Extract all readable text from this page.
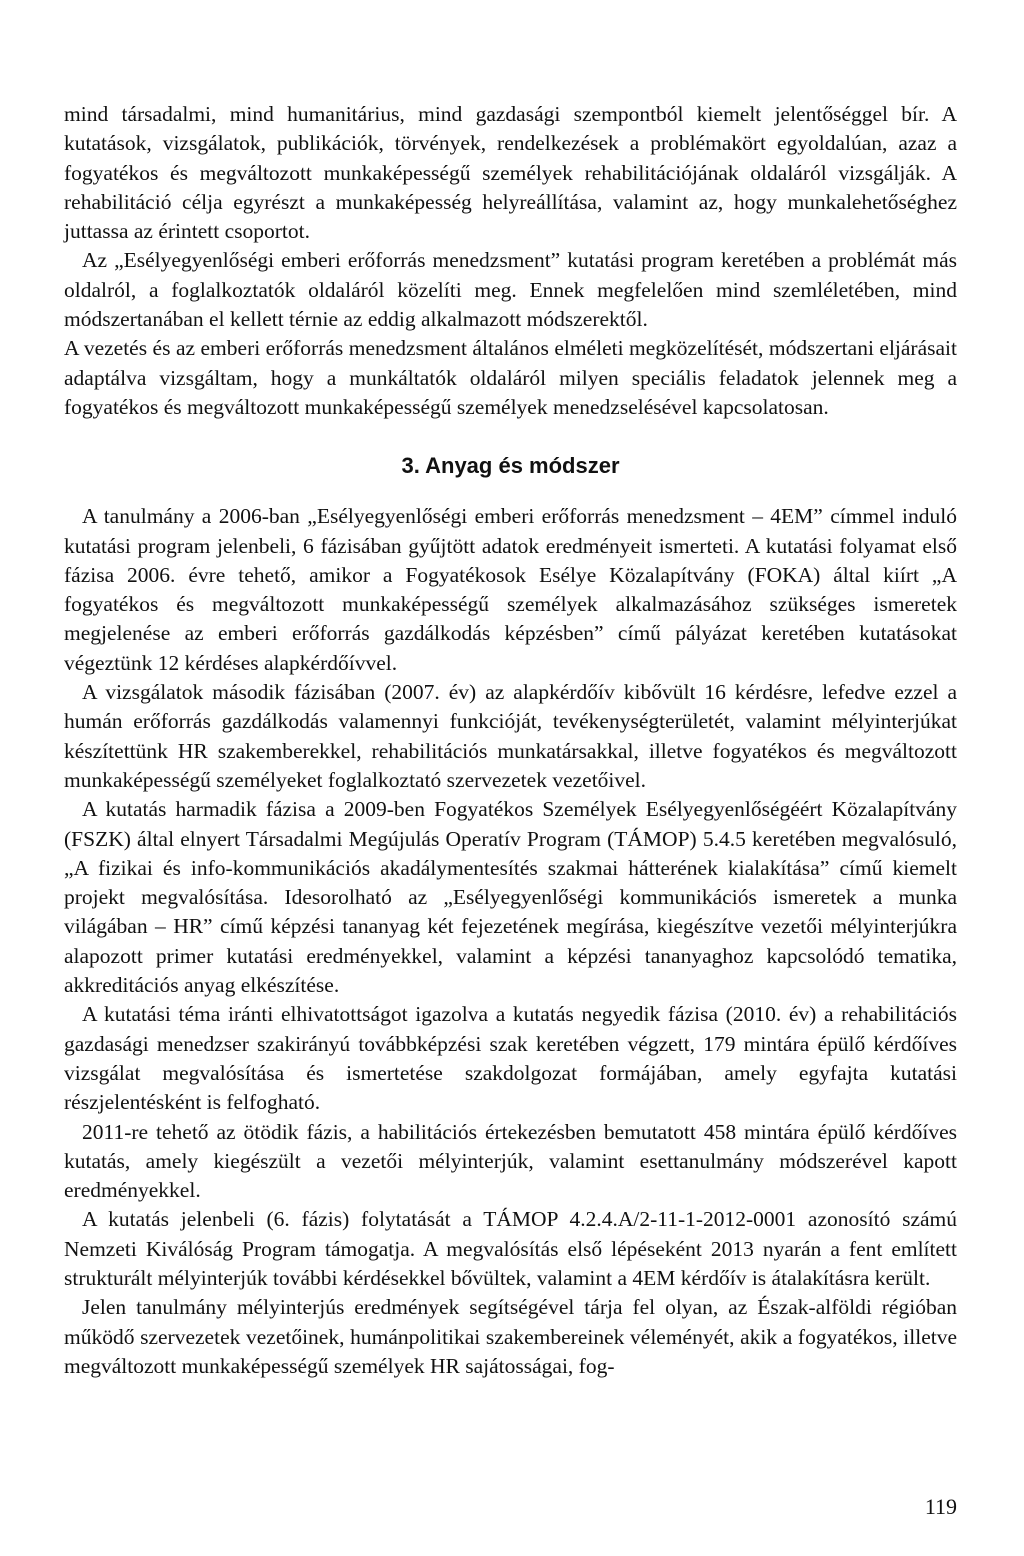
mind társadalmi, mind humanitárius, mind gazdasági szempontból kiemelt jelentőséggel bír. A kutatások, vizsgálatok, publikációk, törvények, rendelkezések a problémakört egyoldalúan, azaz a fogyatékos és megváltozott munkaképességű személyek rehabilitációjának oldaláról vizsgálják. A rehabilitáció célja egyrészt a munkaképesség helyreállítása, valamint az, hogy munkalehetőséghez juttassa az érintett csoportot.

Az „Esélyegyenlőségi emberi erőforrás menedzsment” kutatási program keretében a problémát más oldalról, a foglalkoztatók oldaláról közelíti meg. Ennek megfelelően mind szemléletében, mind módszertanában el kellett térnie az eddig alkalmazott módszerektől.

A vezetés és az emberi erőforrás menedzsment általános elméleti megközelítését, módszertani eljárásait adaptálva vizsgáltam, hogy a munkáltatók oldaláról milyen speciális feladatok jelennek meg a fogyatékos és megváltozott munkaképességű személyek menedzselésével kapcsolatosan.

3. Anyag és módszer

A tanulmány a 2006-ban „Esélyegyenlőségi emberi erőforrás menedzsment – 4EM” címmel induló kutatási program jelenbeli, 6 fázisában gyűjtött adatok eredményeit ismerteti. A kutatási folyamat első fázisa 2006. évre tehető, amikor a Fogyatékosok Esélye Közalapítvány (FOKA) által kiírt „A fogyatékos és megváltozott munkaképességű személyek alkalmazásához szükséges ismeretek megjelenése az emberi erőforrás gazdálkodás képzésben” című pályázat keretében kutatásokat végeztünk 12 kérdéses alapkérdőívvel.

A vizsgálatok második fázisában (2007. év) az alapkérdőív kibővült 16 kérdésre, lefedve ezzel a humán erőforrás gazdálkodás valamennyi funkcióját, tevékenységterületét, valamint mélyinterjúkat készítettünk HR szakemberekkel, rehabilitációs munkatársakkal, illetve fogyatékos és megváltozott munkaképességű személyeket foglalkoztató szervezetek vezetőivel.

A kutatás harmadik fázisa a 2009-ben Fogyatékos Személyek Esélyegyenlőségéért Közalapítvány (FSZK) által elnyert Társadalmi Megújulás Operatív Program (TÁMOP) 5.4.5 keretében megvalósuló, „A fizikai és info-kommunikációs akadálymentesítés szakmai hátterének kialakítása” című kiemelt projekt megvalósítása. Idesorolható az „Esélyegyenlőségi kommunikációs ismeretek a munka világában – HR” című képzési tananyag két fejezetének megírása, kiegészítve vezetői mélyinterjúkra alapozott primer kutatási eredményekkel, valamint a képzési tananyaghoz kapcsolódó tematika, akkreditációs anyag elkészítése.

A kutatási téma iránti elhivatottságot igazolva a kutatás negyedik fázisa (2010. év) a rehabilitációs gazdasági menedzser szakirányú továbbképzési szak keretében végzett, 179 mintára épülő kérdőíves vizsgálat megvalósítása és ismertetése szakdolgozat formájában, amely egyfajta kutatási részjelentésként is felfogható.

2011-re tehető az ötödik fázis, a habilitációs értekezésben bemutatott 458 mintára épülő kérdőíves kutatás, amely kiegészült a vezetői mélyinterjúk, valamint esettanulmány módszerével kapott eredményekkel.

A kutatás jelenbeli (6. fázis) folytatását a TÁMOP 4.2.4.A/2-11-1-2012-0001 azonosító számú Nemzeti Kiválóság Program támogatja. A megvalósítás első lépéseként 2013 nyarán a fent említett strukturált mélyinterjúk további kérdésekkel bővültek, valamint a 4EM kérdőív is átalakításra került.

Jelen tanulmány mélyinterjús eredmények segítségével tárja fel olyan, az Észak-alföldi régióban működő szervezetek vezetőinek, humánpolitikai szakembereinek véleményét, akik a fogyatékos, illetve megváltozott munkaképességű személyek HR sajátosságai, fog-

119
